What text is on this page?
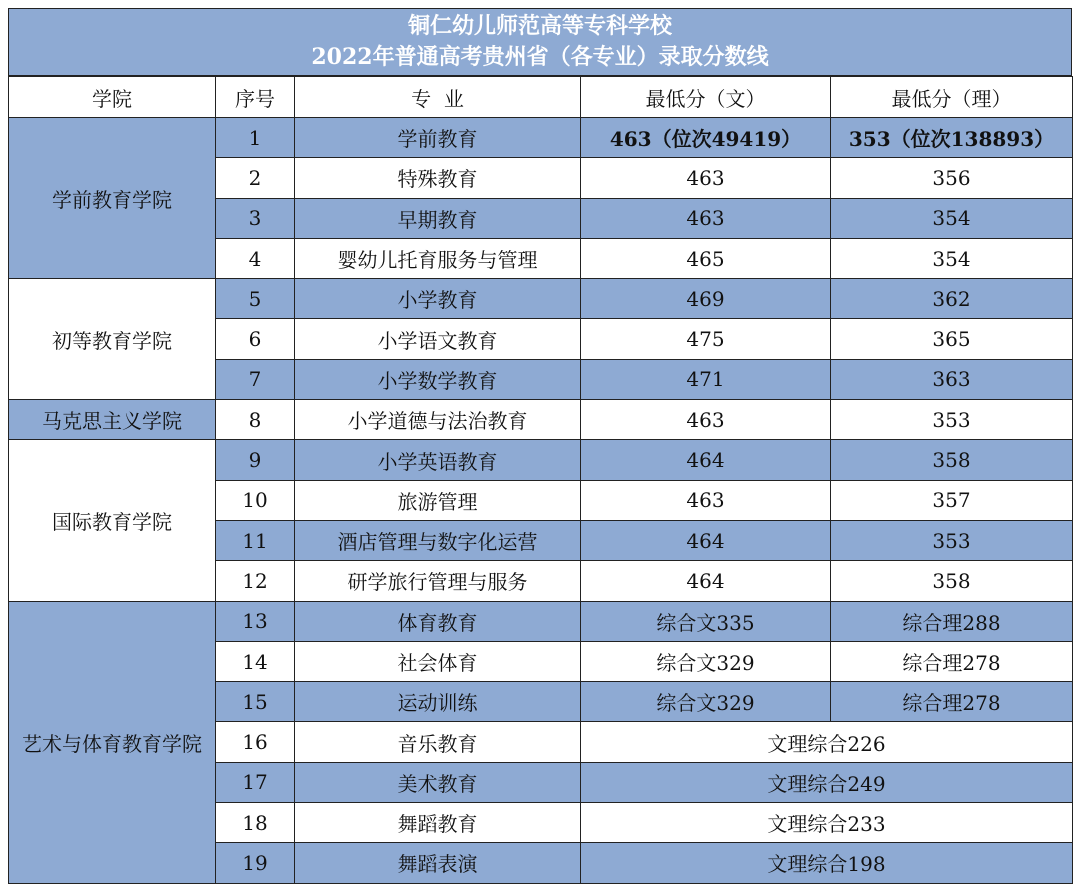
铜仁幼儿师范高等专科学校
2022年普通高考贵州省（各专业）录取分数线
学院	序号	专  业	最低分（文）	最低分（理）
学前教育学院	1	学前教育	463（位次49419）	353（位次138893）
	2	特殊教育	463	356
	3	早期教育	463	354
	4	婴幼儿托育服务与管理	465	354
初等教育学院	5	小学教育	469	362
	6	小学语文教育	475	365
	7	小学数学教育	471	363
马克思主义学院	8	小学道德与法治教育	463	353
国际教育学院	9	小学英语教育	464	358
	10	旅游管理	463	357
	11	酒店管理与数字化运营	464	353
	12	研学旅行管理与服务	464	358
艺术与体育教育学院	13	体育教育	综合文335	综合理288
	14	社会体育	综合文329	综合理278
	15	运动训练	综合文329	综合理278
	16	音乐教育	文理综合226	
	17	美术教育	文理综合249	
	18	舞蹈教育	文理综合233	
	19	舞蹈表演	文理综合198	
